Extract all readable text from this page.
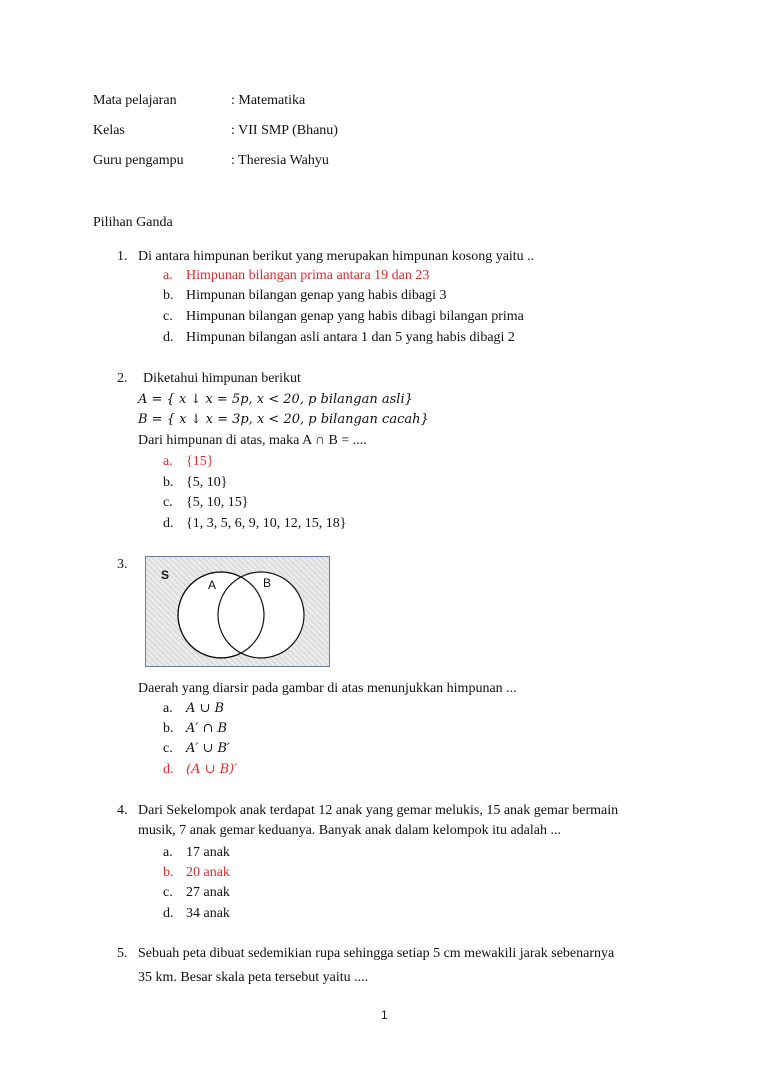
Mata pelajaran	: Matematika
Kelas	: VII SMP (Bhanu)
Guru pengampu	: Theresia Wahyu
Pilihan Ganda
1. Di antara himpunan berikut yang merupakan himpunan kosong yaitu ..
a. Himpunan bilangan prima antara 19 dan 23
b. Himpunan bilangan genap yang habis dibagi 3
c. Himpunan bilangan genap yang habis dibagi bilangan prima
d. Himpunan bilangan asli antara 1 dan 5 yang habis dibagi 2
2. Diketahui himpunan berikut
A = { x ↓ x = 5p, x < 20, p bilangan asli}
B = { x ↓ x = 3p, x < 20, p bilangan cacah}
Dari himpunan di atas, maka A ∩ B = ....
a. {15}
b. {5, 10}
c. {5, 10, 15}
d. {1, 3, 5, 6, 9, 10, 12, 15, 18}
3.
S
A	B
Daerah yang diarsir pada gambar di atas menunjukkan himpunan ...
a. A ∪ B
b. A′ ∩ B
c. A′ ∪ B′
d. (A ∪ B)′
4. Dari Sekelompok anak terdapat 12 anak yang gemar melukis, 15 anak gemar bermain
musik, 7 anak gemar keduanya. Banyak anak dalam kelompok itu adalah ...
a. 17 anak
b. 20 anak
c. 27 anak
d. 34 anak
5. Sebuah peta dibuat sedemikian rupa sehingga setiap 5 cm mewakili jarak sebenarnya
35 km. Besar skala peta tersebut yaitu ....
1
